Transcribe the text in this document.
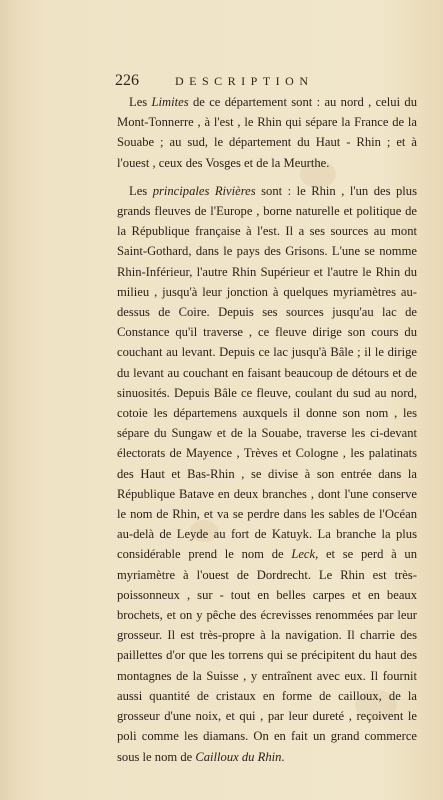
226	DESCRIPTION

Les Limites de ce département sont : au nord , celui du Mont-Tonnerre , à l'est , le Rhin qui sépare la France de la Souabe ; au sud, le département du Haut - Rhin ; et à l'ouest , ceux des Vosges et de la Meurthe.

Les principales Rivières sont : le Rhin , l'un des plus grands fleuves de l'Europe , borne naturelle et politique de la République française à l'est. Il a ses sources au mont Saint-Gothard, dans le pays des Grisons. L'une se nomme Rhin-Inférieur, l'autre Rhin Supérieur et l'autre le Rhin du milieu , jusqu'à leur jonction à quelques myriamètres au-dessus de Coire. Depuis ses sources jusqu'au lac de Constance qu'il traverse , ce fleuve dirige son cours du couchant au levant. Depuis ce lac jusqu'à Bâle ; il le dirige du levant au couchant en faisant beaucoup de détours et de sinuosités. Depuis Bâle ce fleuve, coulant du sud au nord, cotoie les départemens auxquels il donne son nom , les sépare du Sungaw et de la Souabe, traverse les ci-devant électorats de Mayence , Trèves et Cologne , les palatinats des Haut et Bas-Rhin , se divise à son entrée dans la République Batave en deux branches , dont l'une conserve le nom de Rhin, et va se perdre dans les sables de l'Océan au-delà de Leyde au fort de Katuyk. La branche la plus considérable prend le nom de Leck, et se perd à un myriamètre à l'ouest de Dordrecht. Le Rhin est très-poissonneux , sur - tout en belles carpes et en beaux brochets, et on y pêche des écrevisses renommées par leur grosseur. Il est très-propre à la navigation. Il charrie des paillettes d'or que les torrens qui se précipitent du haut des montagnes de la Suisse , y entraînent avec eux. Il fournit aussi quantité de cristaux en forme de cailloux, de la grosseur d'une noix, et qui , par leur dureté , reçoivent le poli comme les diamans. On en fait un grand commerce sous le nom de Cailloux du Rhin.
